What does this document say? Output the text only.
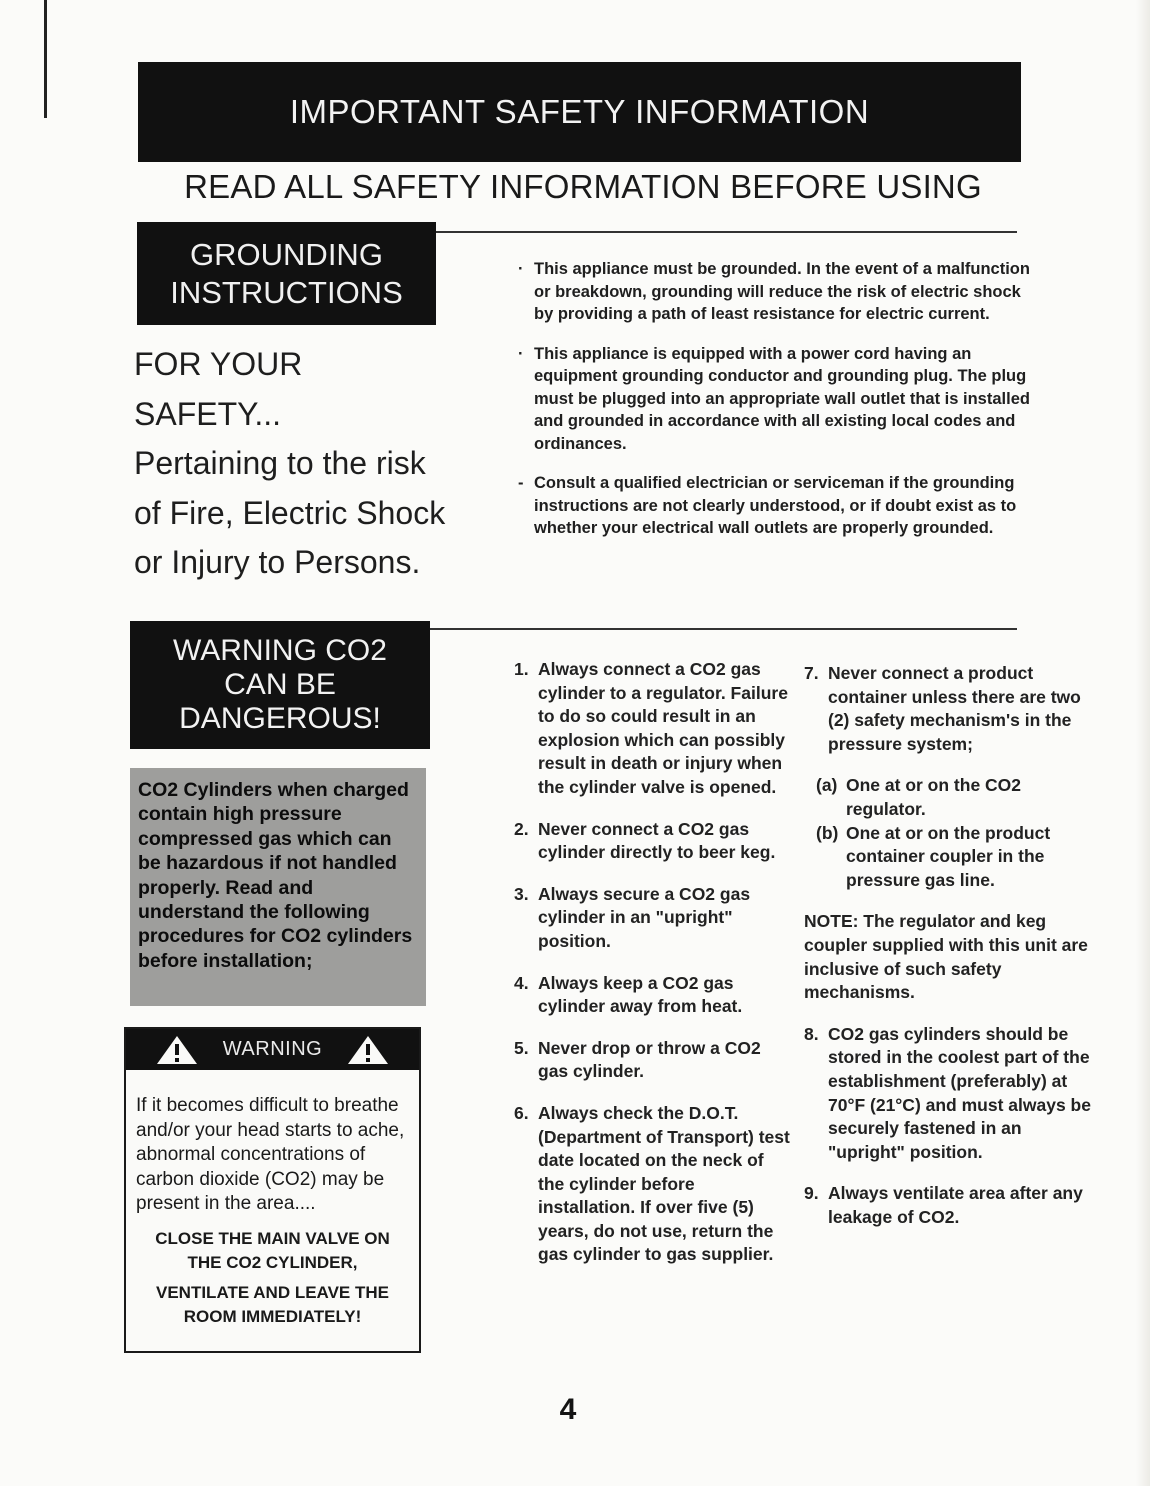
IMPORTANT SAFETY INFORMATION
READ ALL SAFETY INFORMATION BEFORE USING
GROUNDING
INSTRUCTIONS
FOR YOUR
SAFETY...
Pertaining to the risk
of Fire, Electric Shock
or Injury to Persons.
· This appliance must be grounded. In the event of a malfunction or breakdown, grounding will reduce the risk of electric shock by providing a path of least resistance for electric current.
· This appliance is equipped with a power cord having an equipment grounding conductor and grounding plug. The plug must be plugged into an appropriate wall outlet that is installed and grounded in accordance with all existing local codes and ordinances.
- Consult a qualified electrician or serviceman if the grounding instructions are not clearly understood, or if doubt exist as to whether your electrical wall outlets are properly grounded.
WARNING CO2
CAN BE
DANGEROUS!
CO2 Cylinders when charged contain high pressure compressed gas which can be hazardous if not handled properly. Read and understand the following procedures for CO2 cylinders before installation;
WARNING
If it becomes difficult to breathe and/or your head starts to ache, abnormal concentrations of carbon dioxide (CO2) may be present in the area....
CLOSE THE MAIN VALVE ON THE CO2 CYLINDER,
VENTILATE AND LEAVE THE ROOM IMMEDIATELY!
1. Always connect a CO2 gas cylinder to a regulator. Failure to do so could result in an explosion which can possibly result in death or injury when the cylinder valve is opened.
2. Never connect a CO2 gas cylinder directly to beer keg.
3. Always secure a CO2 gas cylinder in an "upright" position.
4. Always keep a CO2 gas cylinder away from heat.
5. Never drop or throw a CO2 gas cylinder.
6. Always check the D.O.T. (Department of Transport) test date located on the neck of the cylinder before installation. If over five (5) years, do not use, return the gas cylinder to gas supplier.
7. Never connect a product container unless there are two (2) safety mechanism's in the pressure system;
(a) One at or on the CO2 regulator.
(b) One at or on the product container coupler in the pressure gas line.
NOTE: The regulator and keg coupler supplied with this unit are inclusive of such safety mechanisms.
8. CO2 gas cylinders should be stored in the coolest part of the establishment (preferably) at 70°F (21°C) and must always be securely fastened in an "upright" position.
9. Always ventilate area after any leakage of CO2.
4
